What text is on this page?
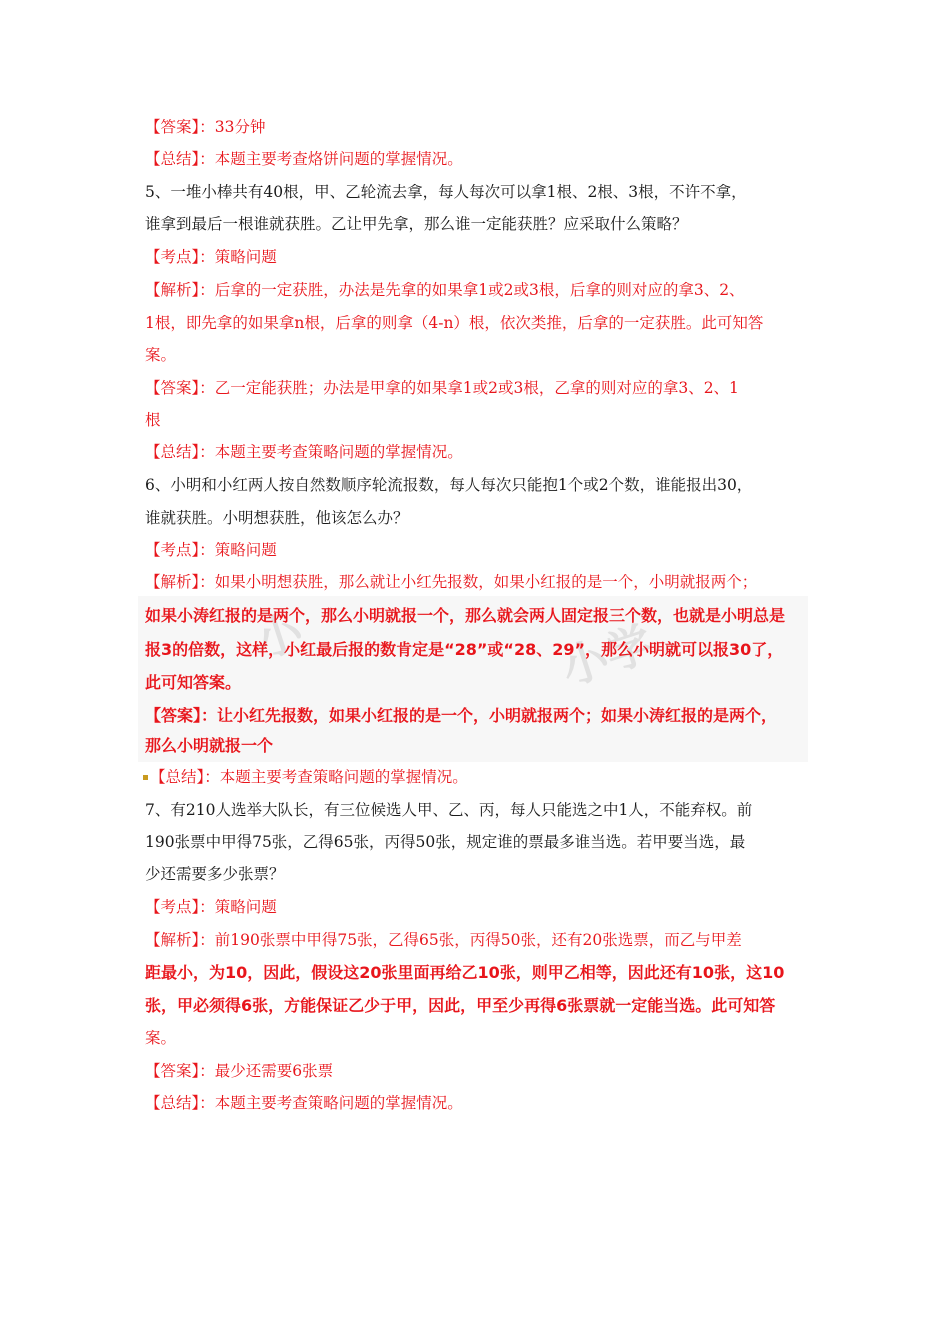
小	小学
【答案】：33分钟
【总结】：本题主要考查烙饼问题的掌握情况。
5、一堆小棒共有40根，甲、乙轮流去拿，每人每次可以拿1根、2根、3根，不许不拿，
谁拿到最后一根谁就获胜。乙让甲先拿，那么谁一定能获胜？应采取什么策略？
【考点】：策略问题
【解析】：后拿的一定获胜，办法是先拿的如果拿1或2或3根，后拿的则对应的拿3、2、
1根，即先拿的如果拿n根，后拿的则拿（4-n）根，依次类推，后拿的一定获胜。此可知答
案。
【答案】：乙一定能获胜；办法是甲拿的如果拿1或2或3根，乙拿的则对应的拿3、2、1
根
【总结】：本题主要考查策略问题的掌握情况。
6、小明和小红两人按自然数顺序轮流报数，每人每次只能抱1个或2个数，谁能报出30，
谁就获胜。小明想获胜，他该怎么办？
【考点】：策略问题
【解析】：如果小明想获胜，那么就让小红先报数，如果小红报的是一个，小明就报两个；
如果小涛红报的是两个，那么小明就报一个，那么就会两人固定报三个数，也就是小明总是
报3的倍数，这样，小红最后报的数肯定是“28”或“28、29”，那么小明就可以报30了，
此可知答案。
【答案】：让小红先报数，如果小红报的是一个，小明就报两个；如果小涛红报的是两个，
那么小明就报一个
【总结】：本题主要考查策略问题的掌握情况。
7、有210人选举大队长，有三位候选人甲、乙、丙，每人只能选之中1人，不能弃权。前
190张票中甲得75张，乙得65张，丙得50张，规定谁的票最多谁当选。若甲要当选，最
少还需要多少张票？
【考点】：策略问题
【解析】：前190张票中甲得75张，乙得65张，丙得50张，还有20张选票，而乙与甲差
距最小，为10，因此，假设这20张里面再给乙10张，则甲乙相等，因此还有10张，这10
张，甲必须得6张，方能保证乙少于甲，因此，甲至少再得6张票就一定能当选。此可知答
案。
【答案】：最少还需要6张票
【总结】：本题主要考查策略问题的掌握情况。
